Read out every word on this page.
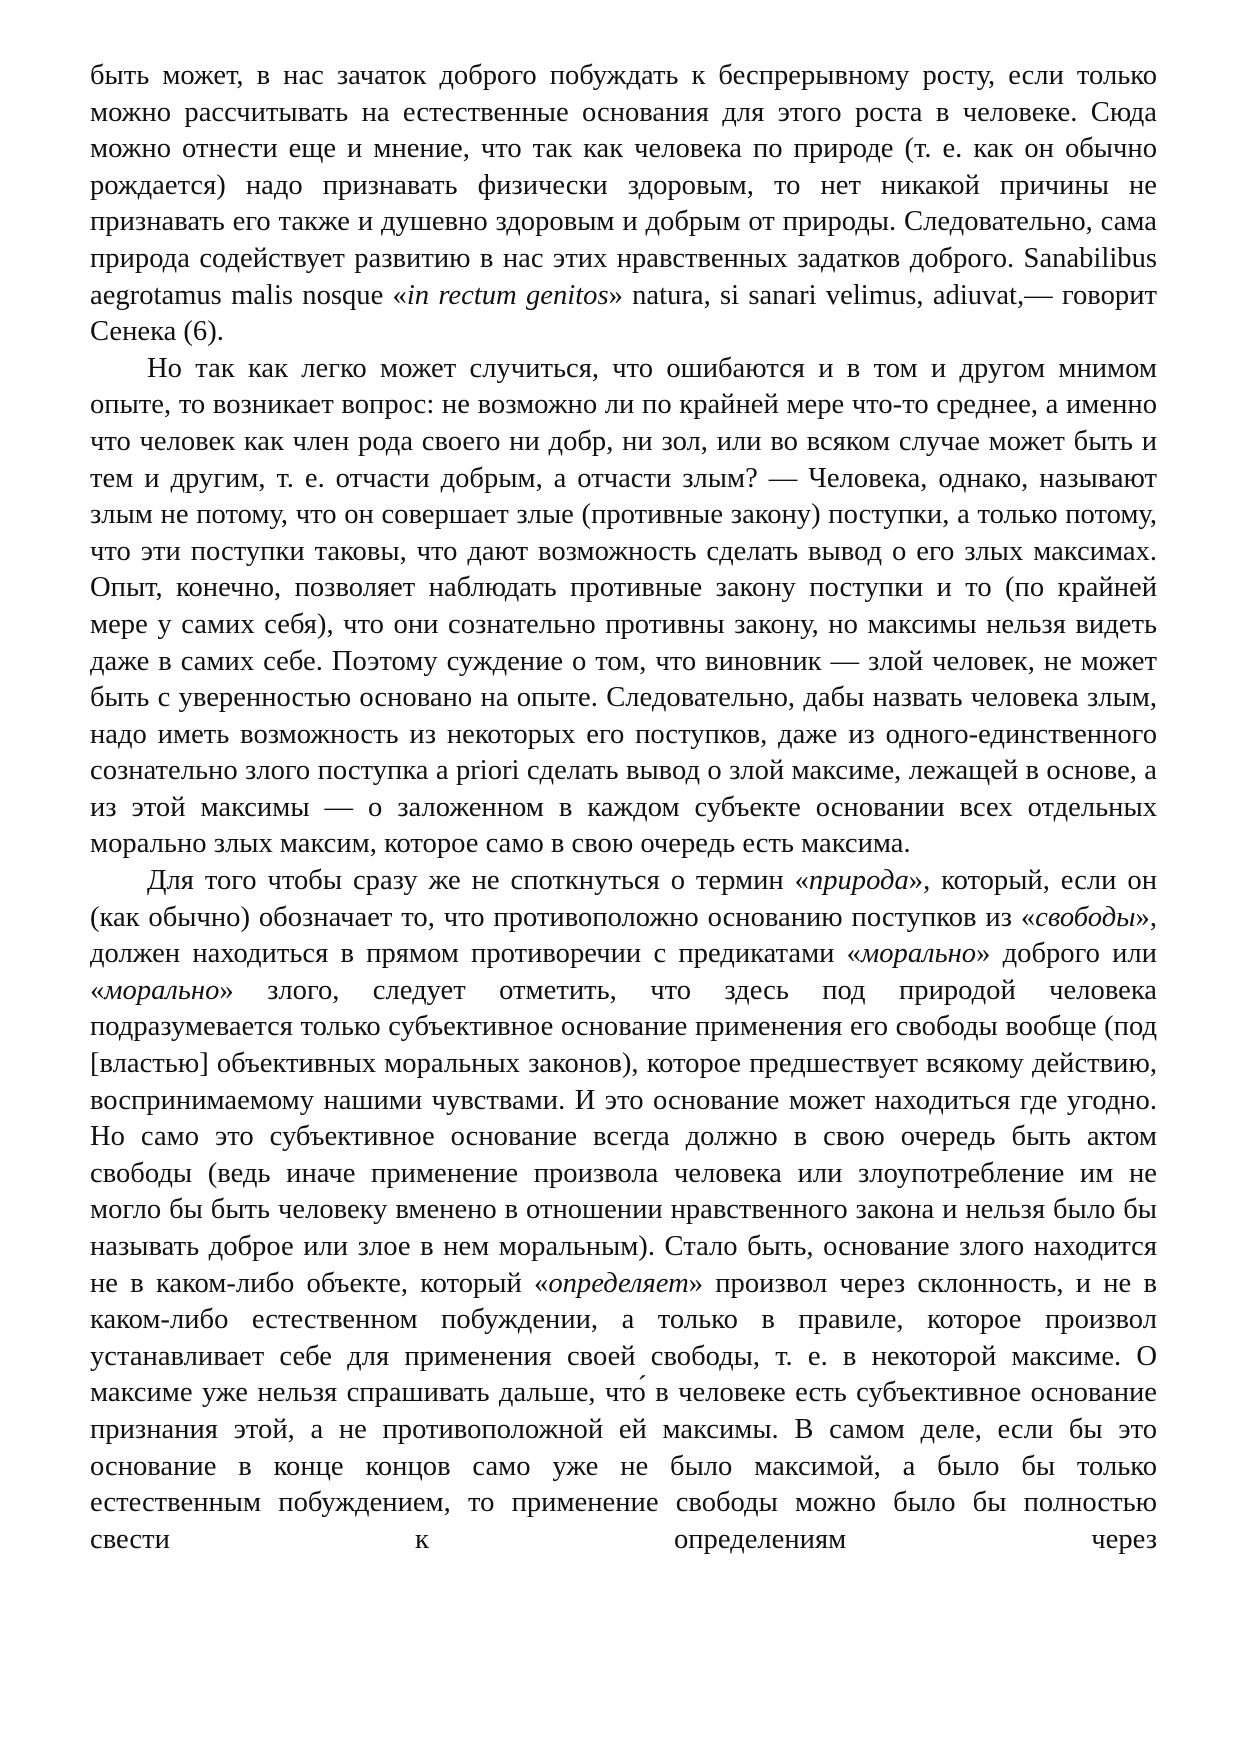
быть может, в нас зачаток доброго побуждать к беспрерывному росту, если только можно рассчитывать на естественные основания для этого роста в человеке. Сюда можно отнести еще и мнение, что так как человека по природе (т. е. как он обычно рождается) надо признавать физически здоровым, то нет никакой причины не признавать его также и душевно здоровым и добрым от природы. Следовательно, сама природа содействует развитию в нас этих нравственных задатков доброго. Sanabilibus aegrotamus malis nosque «in rectum genitos» natura, si sanari velimus, adiuvat,— говорит Сенека (6).

Но так как легко может случиться, что ошибаются и в том и другом мнимом опыте, то возникает вопрос: не возможно ли по крайней мере что-то среднее, а именно что человек как член рода своего ни добр, ни зол, или во всяком случае может быть и тем и другим, т. е. отчасти добрым, а отчасти злым? — Человека, однако, называют злым не потому, что он совершает злые (противные закону) поступки, а только потому, что эти поступки таковы, что дают возможность сделать вывод о его злых максимах. Опыт, конечно, позволяет наблюдать противные закону поступки и то (по крайней мере у самих себя), что они сознательно противны закону, но максимы нельзя видеть даже в самих себе. Поэтому суждение о том, что виновник — злой человек, не может быть с уверенностью основано на опыте. Следовательно, дабы назвать человека злым, надо иметь возможность из некоторых его поступков, даже из одного-единственного сознательно злого поступка a priori сделать вывод о злой максиме, лежащей в основе, а из этой максимы — о заложенном в каждом субъекте основании всех отдельных морально злых максим, которое само в свою очередь есть максима.

Для того чтобы сразу же не споткнуться о термин «природа», который, если он (как обычно) обозначает то, что противоположно основанию поступков из «свободы», должен находиться в прямом противоречии с предикатами «морально» доброго или «морально» злого, следует отметить, что здесь под природой человека подразумевается только субъективное основание применения его свободы вообще (под [властью] объективных моральных законов), которое предшествует всякому действию, воспринимаемому нашими чувствами. И это основание может находиться где угодно. Но само это субъективное основание всегда должно в свою очередь быть актом свободы (ведь иначе применение произвола человека или злоупотребление им не могло бы быть человеку вменено в отношении нравственного закона и нельзя было бы называть доброе или злое в нем моральным). Стало быть, основание злого находится не в каком-либо объекте, который «определяет» произвол через склонность, и не в каком-либо естественном побуждении, а только в правиле, которое произвол устанавливает себе для применения своей свободы, т. е. в некоторой максиме. О максиме уже нельзя спрашивать дальше, что́ в человеке есть субъективное основание признания этой, а не противоположной ей максимы. В самом деле, если бы это основание в конце концов само уже не было максимой, а было бы только естественным побуждением, то применение свободы можно было бы полностью свести к определениям через
